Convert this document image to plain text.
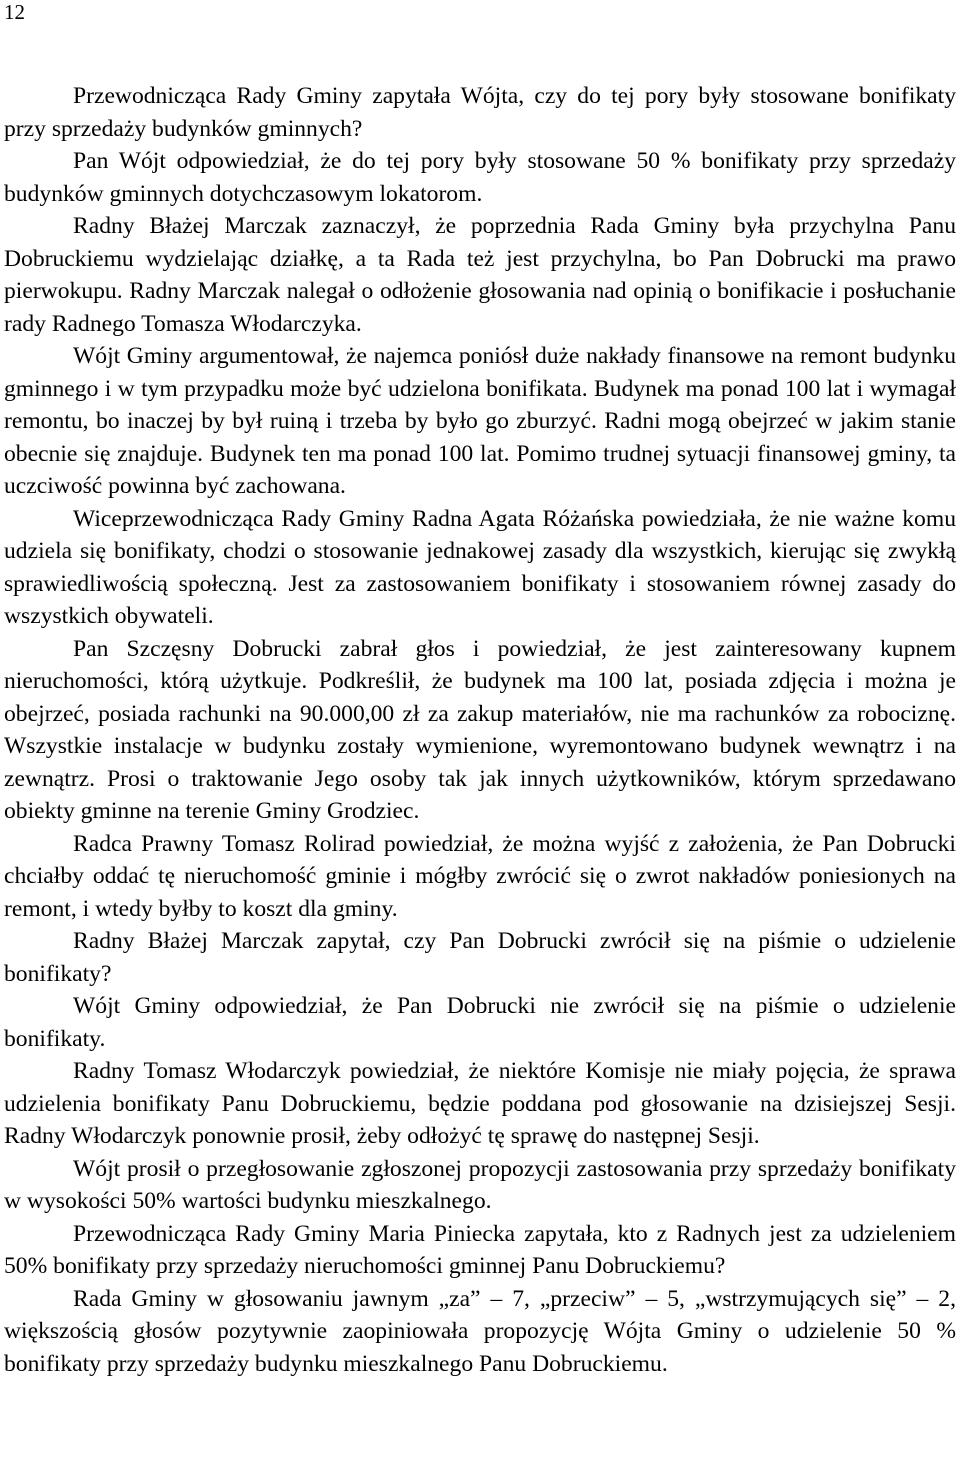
12

Przewodnicząca Rady Gminy zapytała Wójta, czy do tej pory były stosowane bonifikaty przy sprzedaży budynków gminnych?

Pan Wójt odpowiedział, że do tej pory były stosowane 50 % bonifikaty przy sprzedaży budynków gminnych dotychczasowym lokatorom.

Radny Błażej Marczak zaznaczył, że poprzednia Rada Gminy była przychylna Panu Dobruckiemu wydzielając działkę, a ta Rada też jest przychylna, bo Pan Dobrucki ma prawo pierwokupu. Radny Marczak nalegał o odłożenie głosowania nad opinią o bonifikacie i posłuchanie rady Radnego Tomasza Włodarczyka.

Wójt Gminy argumentował, że najemca poniósł duże nakłady finansowe na remont budynku gminnego i w tym przypadku może być udzielona bonifikata. Budynek ma ponad 100 lat i wymagał remontu, bo inaczej by był ruiną i trzeba by było go zburzyć. Radni mogą obejrzeć w jakim stanie obecnie się znajduje. Budynek ten ma ponad 100 lat. Pomimo trudnej sytuacji finansowej gminy, ta uczciwość powinna być zachowana.

Wiceprzewodnicząca Rady Gminy Radna Agata Różańska powiedziała, że nie ważne komu udziela się bonifikaty, chodzi o stosowanie jednakowej zasady dla wszystkich, kierując się zwykłą sprawiedliwością społeczną. Jest za zastosowaniem bonifikaty i stosowaniem równej zasady do wszystkich obywateli.

Pan Szczęsny Dobrucki zabrał głos i powiedział, że jest zainteresowany kupnem nieruchomości, którą użytkuje. Podkreślił, że budynek ma 100 lat, posiada zdjęcia i można je obejrzeć, posiada rachunki na 90.000,00 zł za zakup materiałów, nie ma rachunków za robociznę. Wszystkie instalacje w budynku zostały wymienione, wyremontowano budynek wewnątrz i na zewnątrz. Prosi o traktowanie Jego osoby tak jak innych użytkowników, którym sprzedawano obiekty gminne na terenie Gminy Grodziec.

Radca Prawny Tomasz Rolirad powiedział, że można wyjść z założenia, że Pan Dobrucki chciałby oddać tę nieruchomość gminie i mógłby zwrócić się o zwrot nakładów poniesionych na remont, i wtedy byłby to koszt dla gminy.

Radny Błażej Marczak zapytał, czy Pan Dobrucki zwrócił się na piśmie o udzielenie bonifikaty?

Wójt Gminy odpowiedział, że Pan Dobrucki nie zwrócił się na piśmie o udzielenie bonifikaty.

Radny Tomasz Włodarczyk powiedział, że niektóre Komisje nie miały pojęcia, że sprawa udzielenia bonifikaty Panu Dobruckiemu, będzie poddana pod głosowanie na dzisiejszej Sesji. Radny Włodarczyk ponownie prosił, żeby odłożyć tę sprawę do następnej Sesji.

Wójt prosił o przegłosowanie zgłoszonej propozycji zastosowania przy sprzedaży bonifikaty w wysokości 50% wartości budynku mieszkalnego.

Przewodnicząca Rady Gminy Maria Piniecka zapytała, kto z Radnych jest za udzieleniem 50% bonifikaty przy sprzedaży nieruchomości gminnej Panu Dobruckiemu?

Rada Gminy w głosowaniu jawnym „za” – 7, „przeciw” – 5, „wstrzymujących się” – 2, większością głosów pozytywnie zaopiniowała propozycję Wójta Gminy o udzielenie 50 % bonifikaty przy sprzedaży budynku mieszkalnego Panu Dobruckiemu.
